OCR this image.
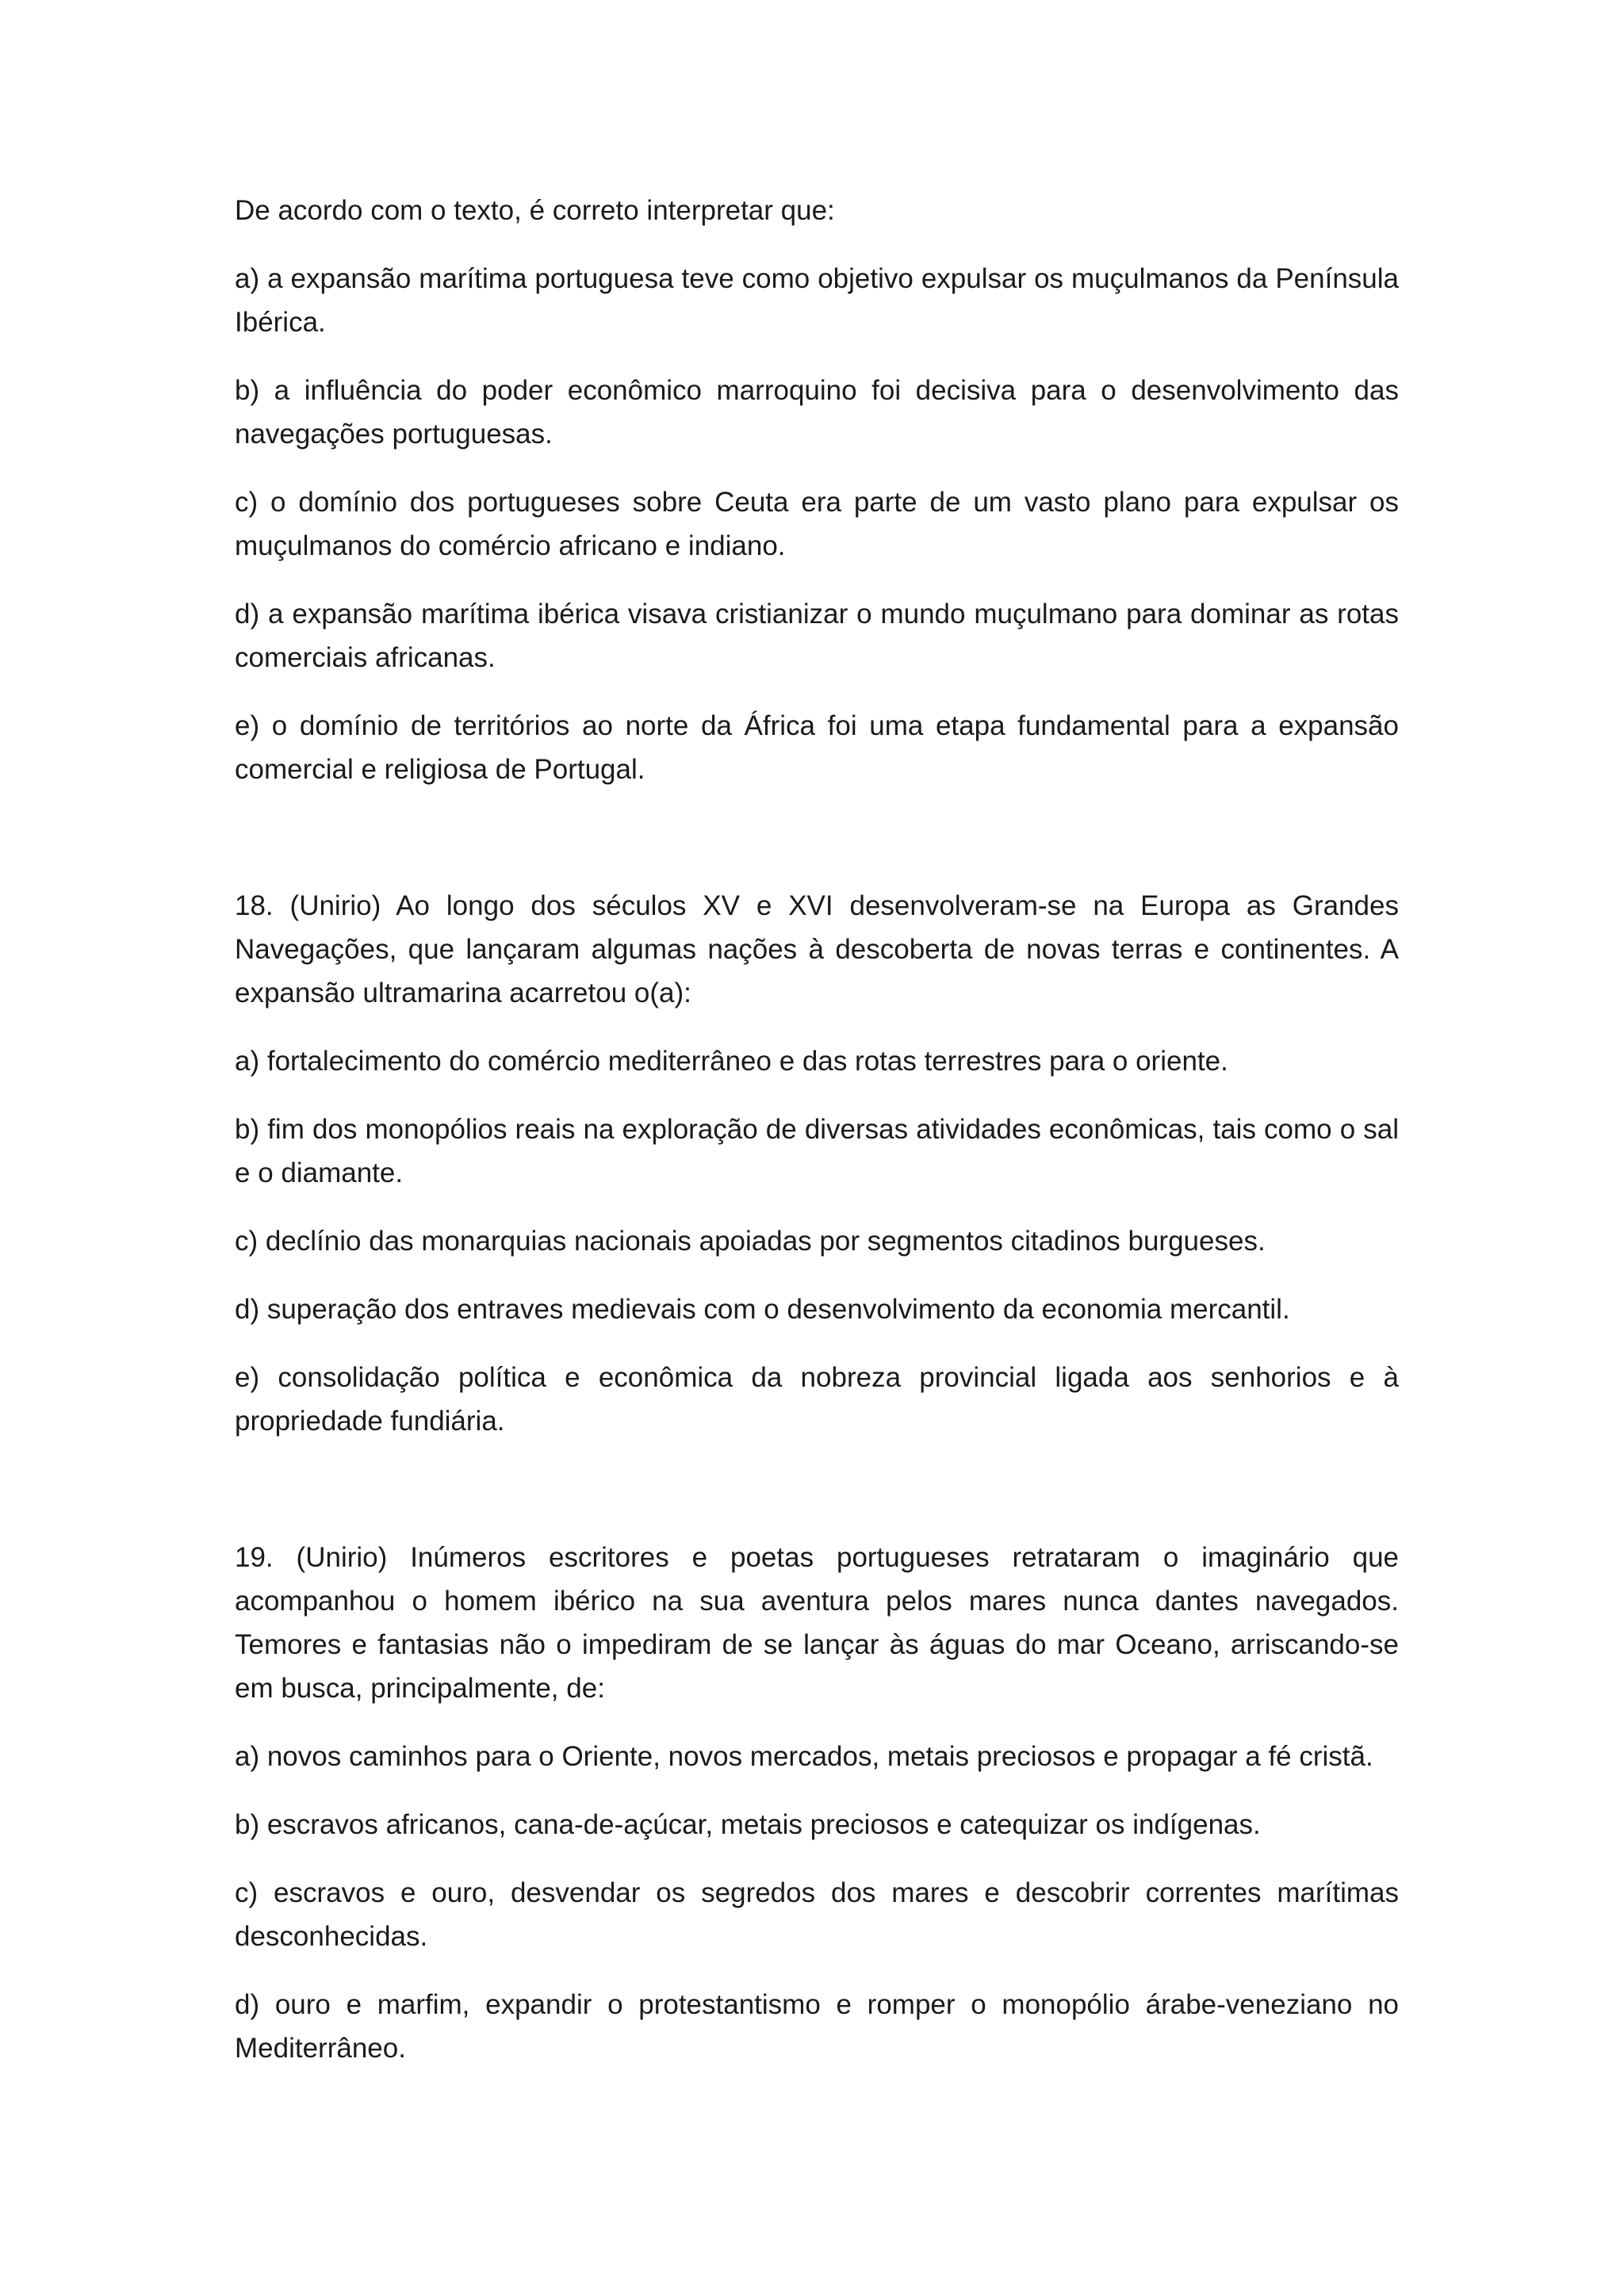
De acordo com o texto, é correto interpretar que:

a) a expansão marítima portuguesa teve como objetivo expulsar os muçulmanos da Península Ibérica.

b) a influência do poder econômico marroquino foi decisiva para o desenvolvimento das navegações portuguesas.

c) o domínio dos portugueses sobre Ceuta era parte de um vasto plano para expulsar os muçulmanos do comércio africano e indiano.

d) a expansão marítima ibérica visava cristianizar o mundo muçulmano para dominar as rotas comerciais africanas.

e) o domínio de territórios ao norte da África foi uma etapa fundamental para a expansão comercial e religiosa de Portugal.

18. (Unirio) Ao longo dos séculos XV e XVI desenvolveram-se na Europa as Grandes Navegações, que lançaram algumas nações à descoberta de novas terras e continentes. A expansão ultramarina acarretou o(a):

a) fortalecimento do comércio mediterrâneo e das rotas terrestres para o oriente.

b) fim dos monopólios reais na exploração de diversas atividades econômicas, tais como o sal e o diamante.

c) declínio das monarquias nacionais apoiadas por segmentos citadinos burgueses.

d) superação dos entraves medievais com o desenvolvimento da economia mercantil.

e) consolidação política e econômica da nobreza provincial ligada aos senhorios e à propriedade fundiária.

19. (Unirio) Inúmeros escritores e poetas portugueses retrataram o imaginário que acompanhou o homem ibérico na sua aventura pelos mares nunca dantes navegados. Temores e fantasias não o impediram de se lançar às águas do mar Oceano, arriscando-se em busca, principalmente, de:

a) novos caminhos para o Oriente, novos mercados, metais preciosos e propagar a fé cristã.

b) escravos africanos, cana-de-açúcar, metais preciosos e catequizar os indígenas.

c) escravos e ouro, desvendar os segredos dos mares e descobrir correntes marítimas desconhecidas.

d) ouro e marfim, expandir o protestantismo e romper o monopólio árabe-veneziano no Mediterrâneo.
